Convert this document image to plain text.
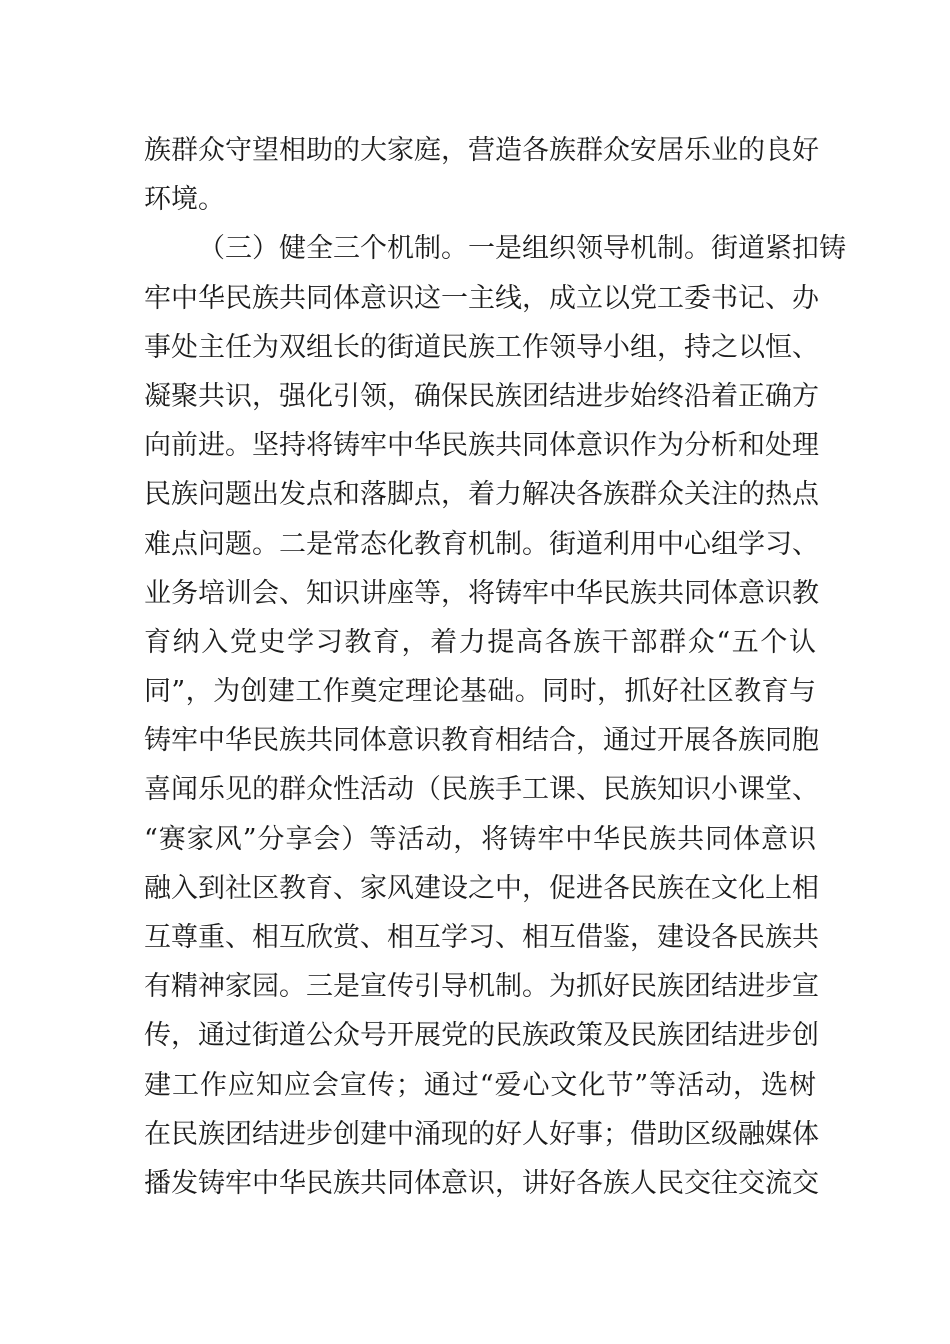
族群众守望相助的大家庭，营造各族群众安居乐业的良好
环境。
（三）健全三个机制。一是组织领导机制。街道紧扣铸
牢中华民族共同体意识这一主线，成立以党工委书记、办
事处主任为双组长的街道民族工作领导小组，持之以恒、
凝聚共识，强化引领，确保民族团结进步始终沿着正确方
向前进。坚持将铸牢中华民族共同体意识作为分析和处理
民族问题出发点和落脚点，着力解决各族群众关注的热点
难点问题。二是常态化教育机制。街道利用中心组学习、
业务培训会、知识讲座等，将铸牢中华民族共同体意识教
育纳入党史学习教育，着力提高各族干部群众“五个认
同”，为创建工作奠定理论基础。同时，抓好社区教育与
铸牢中华民族共同体意识教育相结合，通过开展各族同胞
喜闻乐见的群众性活动（民族手工课、民族知识小课堂、
“赛家风”分享会）等活动，将铸牢中华民族共同体意识
融入到社区教育、家风建设之中，促进各民族在文化上相
互尊重、相互欣赏、相互学习、相互借鉴，建设各民族共
有精神家园。三是宣传引导机制。为抓好民族团结进步宣
传，通过街道公众号开展党的民族政策及民族团结进步创
建工作应知应会宣传；通过“爱心文化节”等活动，选树
在民族团结进步创建中涌现的好人好事；借助区级融媒体
播发铸牢中华民族共同体意识，讲好各族人民交往交流交
